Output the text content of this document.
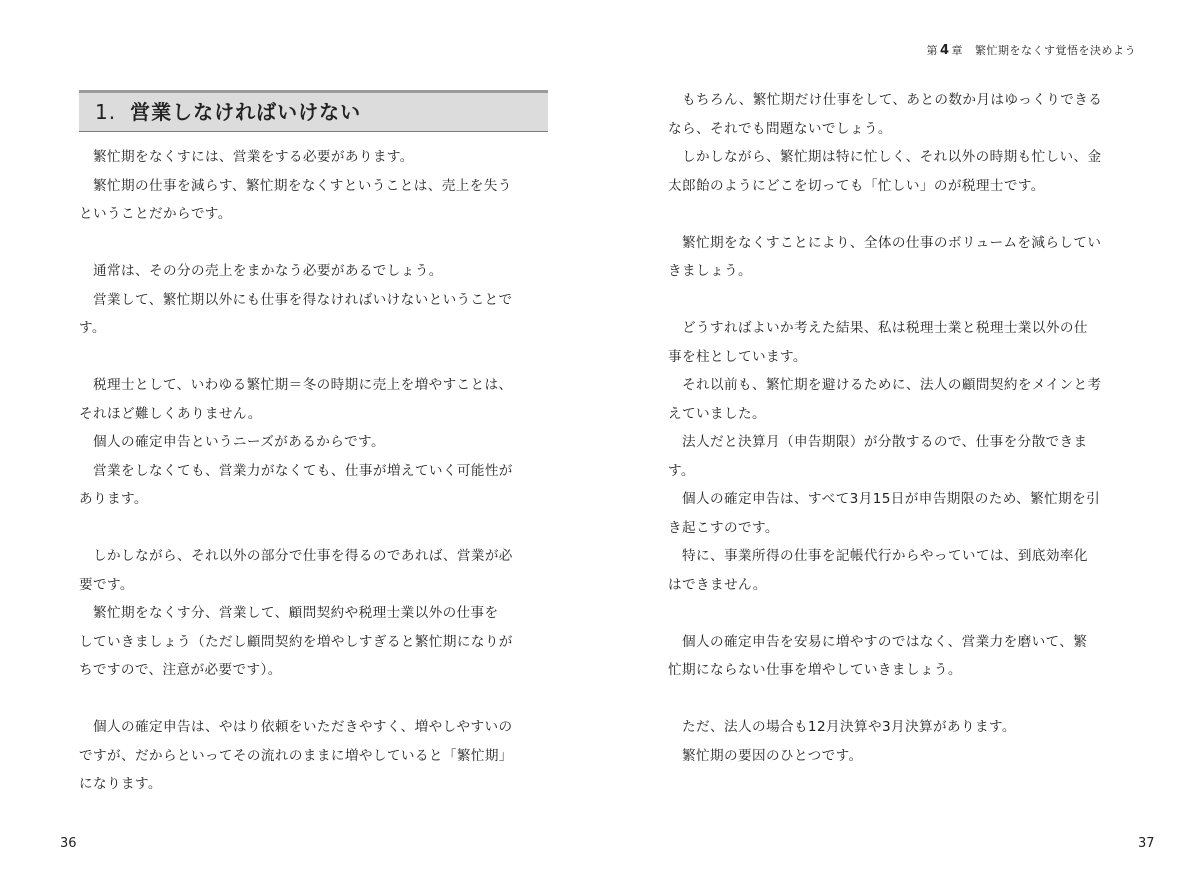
1. 営業しなければいけない
　繁忙期をなくすには、営業をする必要があります。
　繁忙期の仕事を減らす、繁忙期をなくすということは、売上を失う
ということだからです。
　通常は、その分の売上をまかなう必要があるでしょう。
　営業して、繁忙期以外にも仕事を得なければいけないということで
す。
　税理士として、いわゆる繁忙期＝冬の時期に売上を増やすことは、
それほど難しくありません。
　個人の確定申告というニーズがあるからです。
　営業をしなくても、営業力がなくても、仕事が増えていく可能性が
あります。
　しかしながら、それ以外の部分で仕事を得るのであれば、営業が必
要です。
　繁忙期をなくす分、営業して、顧問契約や税理士業以外の仕事を
していきましょう（ただし顧問契約を増やしすぎると繁忙期になりが
ちですので、注意が必要です）。
　個人の確定申告は、やはり依頼をいただきやすく、増やしやすいの
ですが、だからといってその流れのままに増やしていると「繁忙期」
になります。
36
第 4 章 繁忙期をなくす覚悟を決めよう
　もちろん、繁忙期だけ仕事をして、あとの数か月はゆっくりできる
なら、それでも問題ないでしょう。
　しかしながら、繁忙期は特に忙しく、それ以外の時期も忙しい、金
太郎飴のようにどこを切っても「忙しい」のが税理士です。
　繁忙期をなくすことにより、全体の仕事のボリュームを減らしてい
きましょう。
　どうすればよいか考えた結果、私は税理士業と税理士業以外の仕
事を柱としています。
　それ以前も、繁忙期を避けるために、法人の顧問契約をメインと考
えていました。
　法人だと決算月（申告期限）が分散するので、仕事を分散できま
す。
　個人の確定申告は、すべて3月15日が申告期限のため、繁忙期を引
き起こすのです。
　特に、事業所得の仕事を記帳代行からやっていては、到底効率化
はできません。
　個人の確定申告を安易に増やすのではなく、営業力を磨いて、繁
忙期にならない仕事を増やしていきましょう。
　ただ、法人の場合も12月決算や3月決算があります。
　繁忙期の要因のひとつです。
37
